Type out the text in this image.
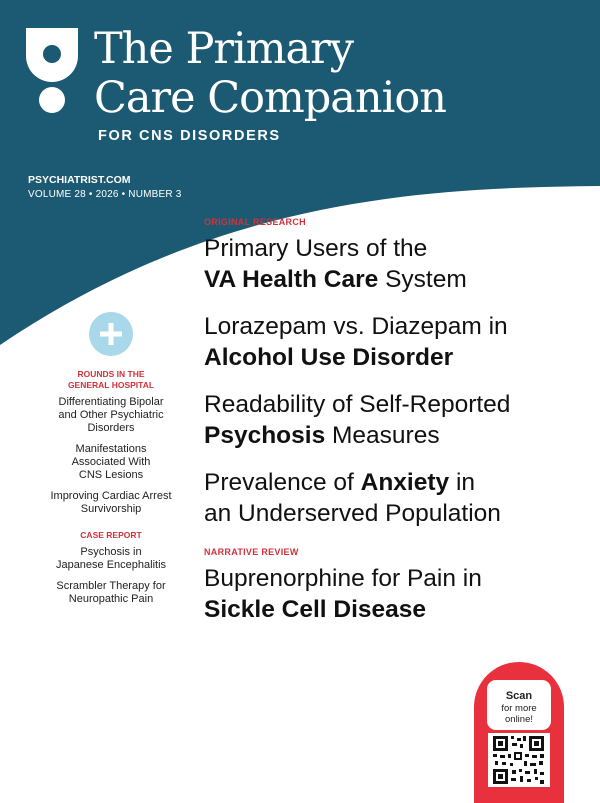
The Primary
Care Companion
FOR CNS DISORDERS
PSYCHIATRIST.COM
VOLUME 28 • 2026 • NUMBER 3
ORIGINAL RESEARCH
Primary Users of the
VA Health Care System
Lorazepam vs. Diazepam in
Alcohol Use Disorder
Readability of Self-Reported
Psychosis Measures
Prevalence of Anxiety in
an Underserved Population
NARRATIVE REVIEW
Buprenorphine for Pain in
Sickle Cell Disease
ROUNDS IN THE
GENERAL HOSPITAL
Differentiating Bipolar
and Other Psychiatric
Disorders
Manifestations
Associated With
CNS Lesions
Improving Cardiac Arrest
Survivorship
CASE REPORT
Psychosis in
Japanese Encephalitis
Scrambler Therapy for
Neuropathic Pain
Scan
for more
online!
